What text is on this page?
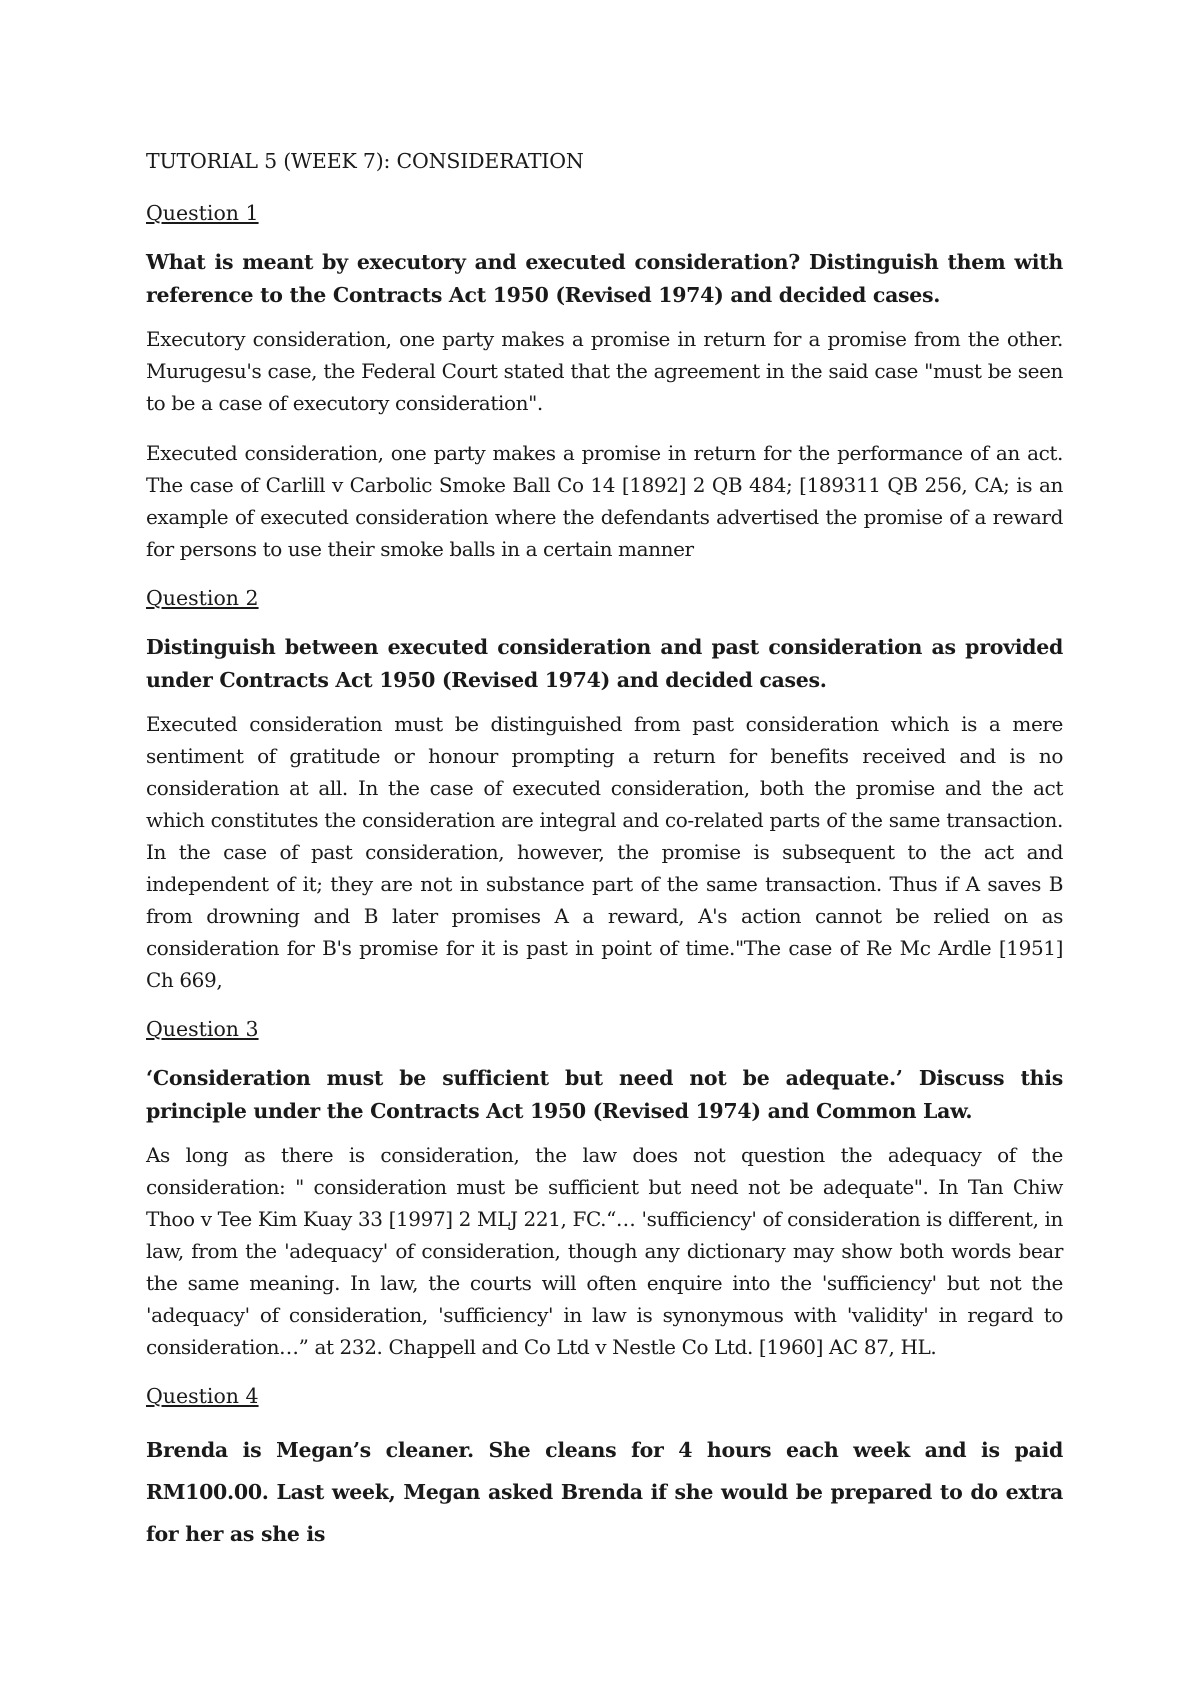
TUTORIAL 5 (WEEK 7): CONSIDERATION
Question 1
What is meant by executory and executed consideration? Distinguish them with reference to the Contracts Act 1950 (Revised 1974) and decided cases.

Executory consideration, one party makes a promise in return for a promise from the other. Murugesu's case, the Federal Court stated that the agreement in the said case "must be seen to be a case of executory consideration".

Executed consideration, one party makes a promise in return for the performance of an act. The case of Carlill v Carbolic Smoke Ball Co 14 [1892] 2 QB 484; [189311 QB 256, CA; is an example of executed consideration where the defendants advertised the promise of a reward for persons to use their smoke balls in a certain manner

Question 2
Distinguish between executed consideration and past consideration as provided under Contracts Act 1950 (Revised 1974) and decided cases.

Executed consideration must be distinguished from past consideration which is a mere sentiment of gratitude or honour prompting a return for benefits received and is no consideration at all. In the case of executed consideration, both the promise and the act which constitutes the consideration are integral and co-related parts of the same transaction. In the case of past consideration, however, the promise is subsequent to the act and independent of it; they are not in substance part of the same transaction. Thus if A saves B from drowning and B later promises A a reward, A's action cannot be relied on as consideration for B's promise for it is past in point of time."The case of Re Mc Ardle [1951] Ch 669,

Question 3
‘Consideration must be sufficient but need not be adequate.’ Discuss this principle under the Contracts Act 1950 (Revised 1974) and Common Law.

As long as there is consideration, the law does not question the adequacy of the consideration: " consideration must be sufficient but need not be adequate". In Tan Chiw Thoo v Tee Kim Kuay 33 [1997] 2 MLJ 221, FC.“… 'sufficiency' of consideration is different, in law, from the 'adequacy' of consideration, though any dictionary may show both words bear the same meaning. In law, the courts will often enquire into the 'sufficiency' but not the 'adequacy' of consideration, 'sufficiency' in law is synonymous with 'validity' in regard to consideration…” at 232. Chappell and Co Ltd v Nestle Co Ltd. [1960] AC 87, HL.

Question 4
Brenda is Megan’s cleaner. She cleans for 4 hours each week and is paid RM100.00. Last week, Megan asked Brenda if she would be prepared to do extra for her as she is
